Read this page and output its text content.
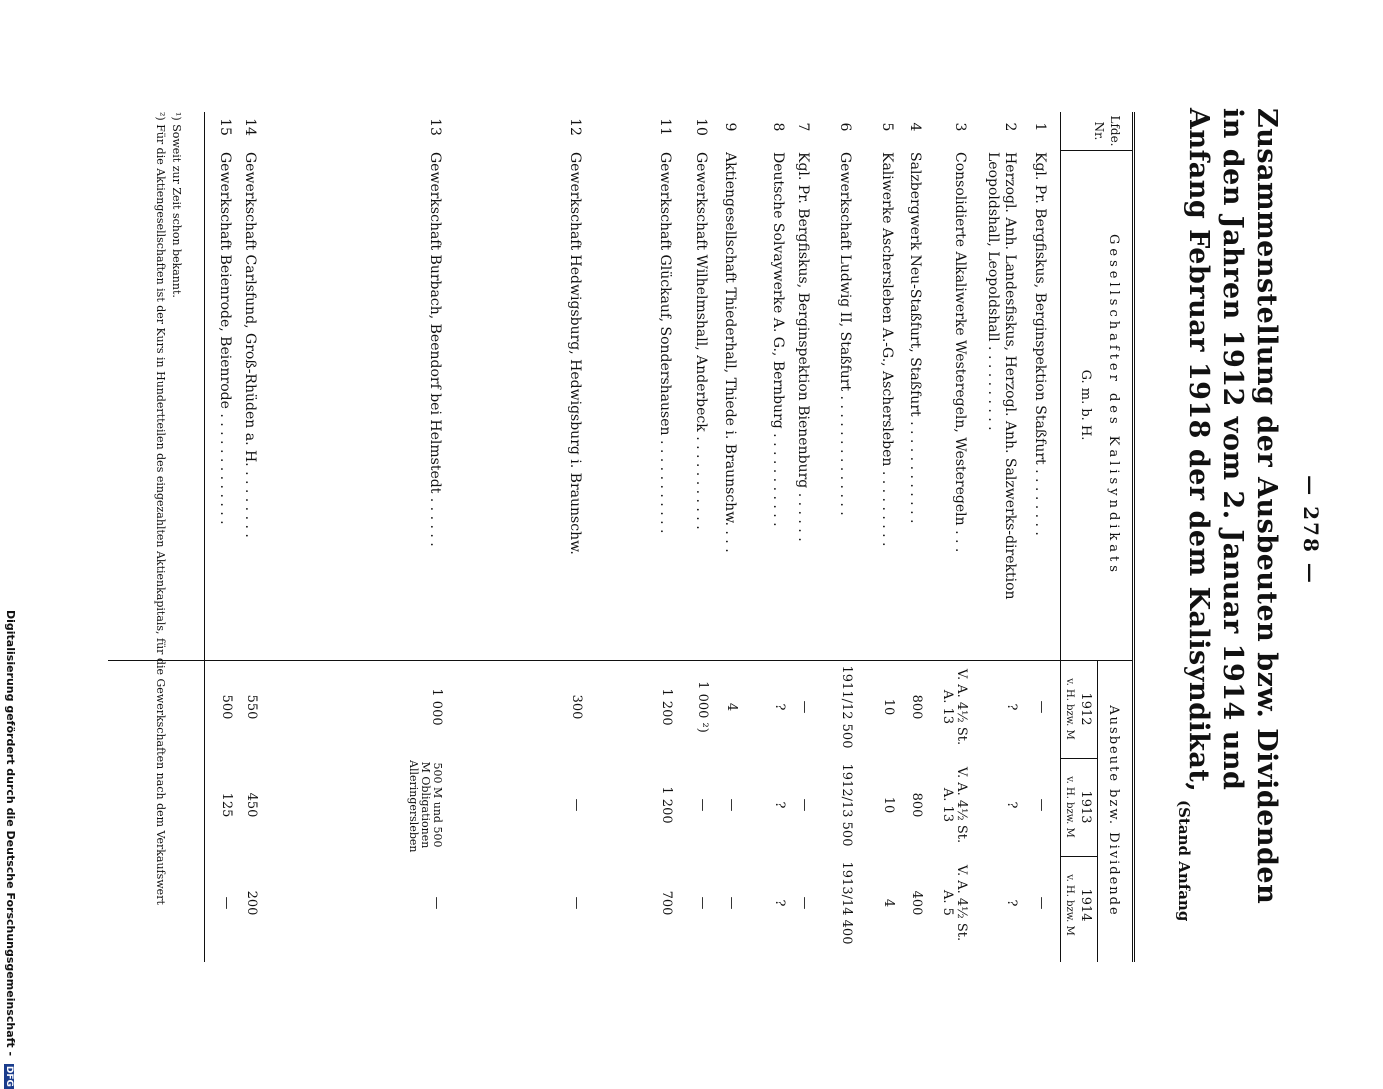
— 278 —
Zusammenstellung der Ausbeuten bzw. Dividenden in den Jahren 1912 vom 2. Januar 1914 und Anfang Februar 1918 der dem Kalisyndikat,
(Stand Anfang
Lfde. Nr.
Gesellschafter des Kalisyndikats
G. m. b. H.
Ausbeute bzw. Dividende
1912
1913
1914
v. H. bzw. M
v. H. bzw. M
v. H. bzw. M
1
Kgl. Pr. Bergfiskus, Berginspektion Staßfurt . . . . . . . .
—
—
—
2
Herzogl. Anh. Landesfiskus, Herzogl. Anh. Salzwerks-direktion Leopoldshall, Leopoldshall . . . . . . . . . .
?
?
?
3
Consolidierte Alkaliwerke Westeregeln, Westeregeln . . .
V. A. 4½ St. A. 13
V. A. 4½ St. A. 13
V. A. 4½ St. A. 5
4
Salzbergwerk Neu-Staßfurt, Staßfurt . . . . . . . . . . . .
800
800
400
5
Kaliwerke Aschersleben A.-G., Aschersleben . . . . . . . . .
10
10
4
6
Gewerkschaft Ludwig II, Staßfurt . . . . . . . . . . . . . .
1911/12 500
1912/13 500
1913/14 400
7
Kgl. Pr. Bergfiskus, Berginspektion Bienenburg . . . . . .
—
—
—
8
Deutsche Solvaywerke A. G., Bernburg . . . . . . . . . . .
?
?
?
9
Aktiengesellschaft Thiederhall, Thiede i. Braunschw. . . .
4
—
—
10
Gewerkschaft Wilhelmshall, Anderbeck . . . . . . . . . . .
1 000 ²)
—
—
11
Gewerkschaft Glückauf, Sondershausen . . . . . . . . . . .
1 200
1 200
700
12
Gewerkschaft Hedwigsburg, Hedwigsburg i. Braunschw.
300
—
—
13
Gewerkschaft Burbach, Beendorf bei Helmstedt . . . . . .
1 000
500 M und 500 M Obligationen Alleringersleben
—
14
Gewerkschaft Carlsfund, Groß-Rhüden a. H. . . . . . . . .
550
450
200
15
Gewerkschaft Beienrode, Beienrode . . . . . . . . . . . . .
500
125
—
¹) Soweit zur Zeit schon bekannt.
²) Für die Aktiengesellschaften ist der Kurs in Hundertteilen des eingezahlten Aktienkapitals, für die Gewerkschaften nach dem Verkaufswert
Digitalisierung gefördert durch die Deutsche Forschungsgemeinschaft - DFG
